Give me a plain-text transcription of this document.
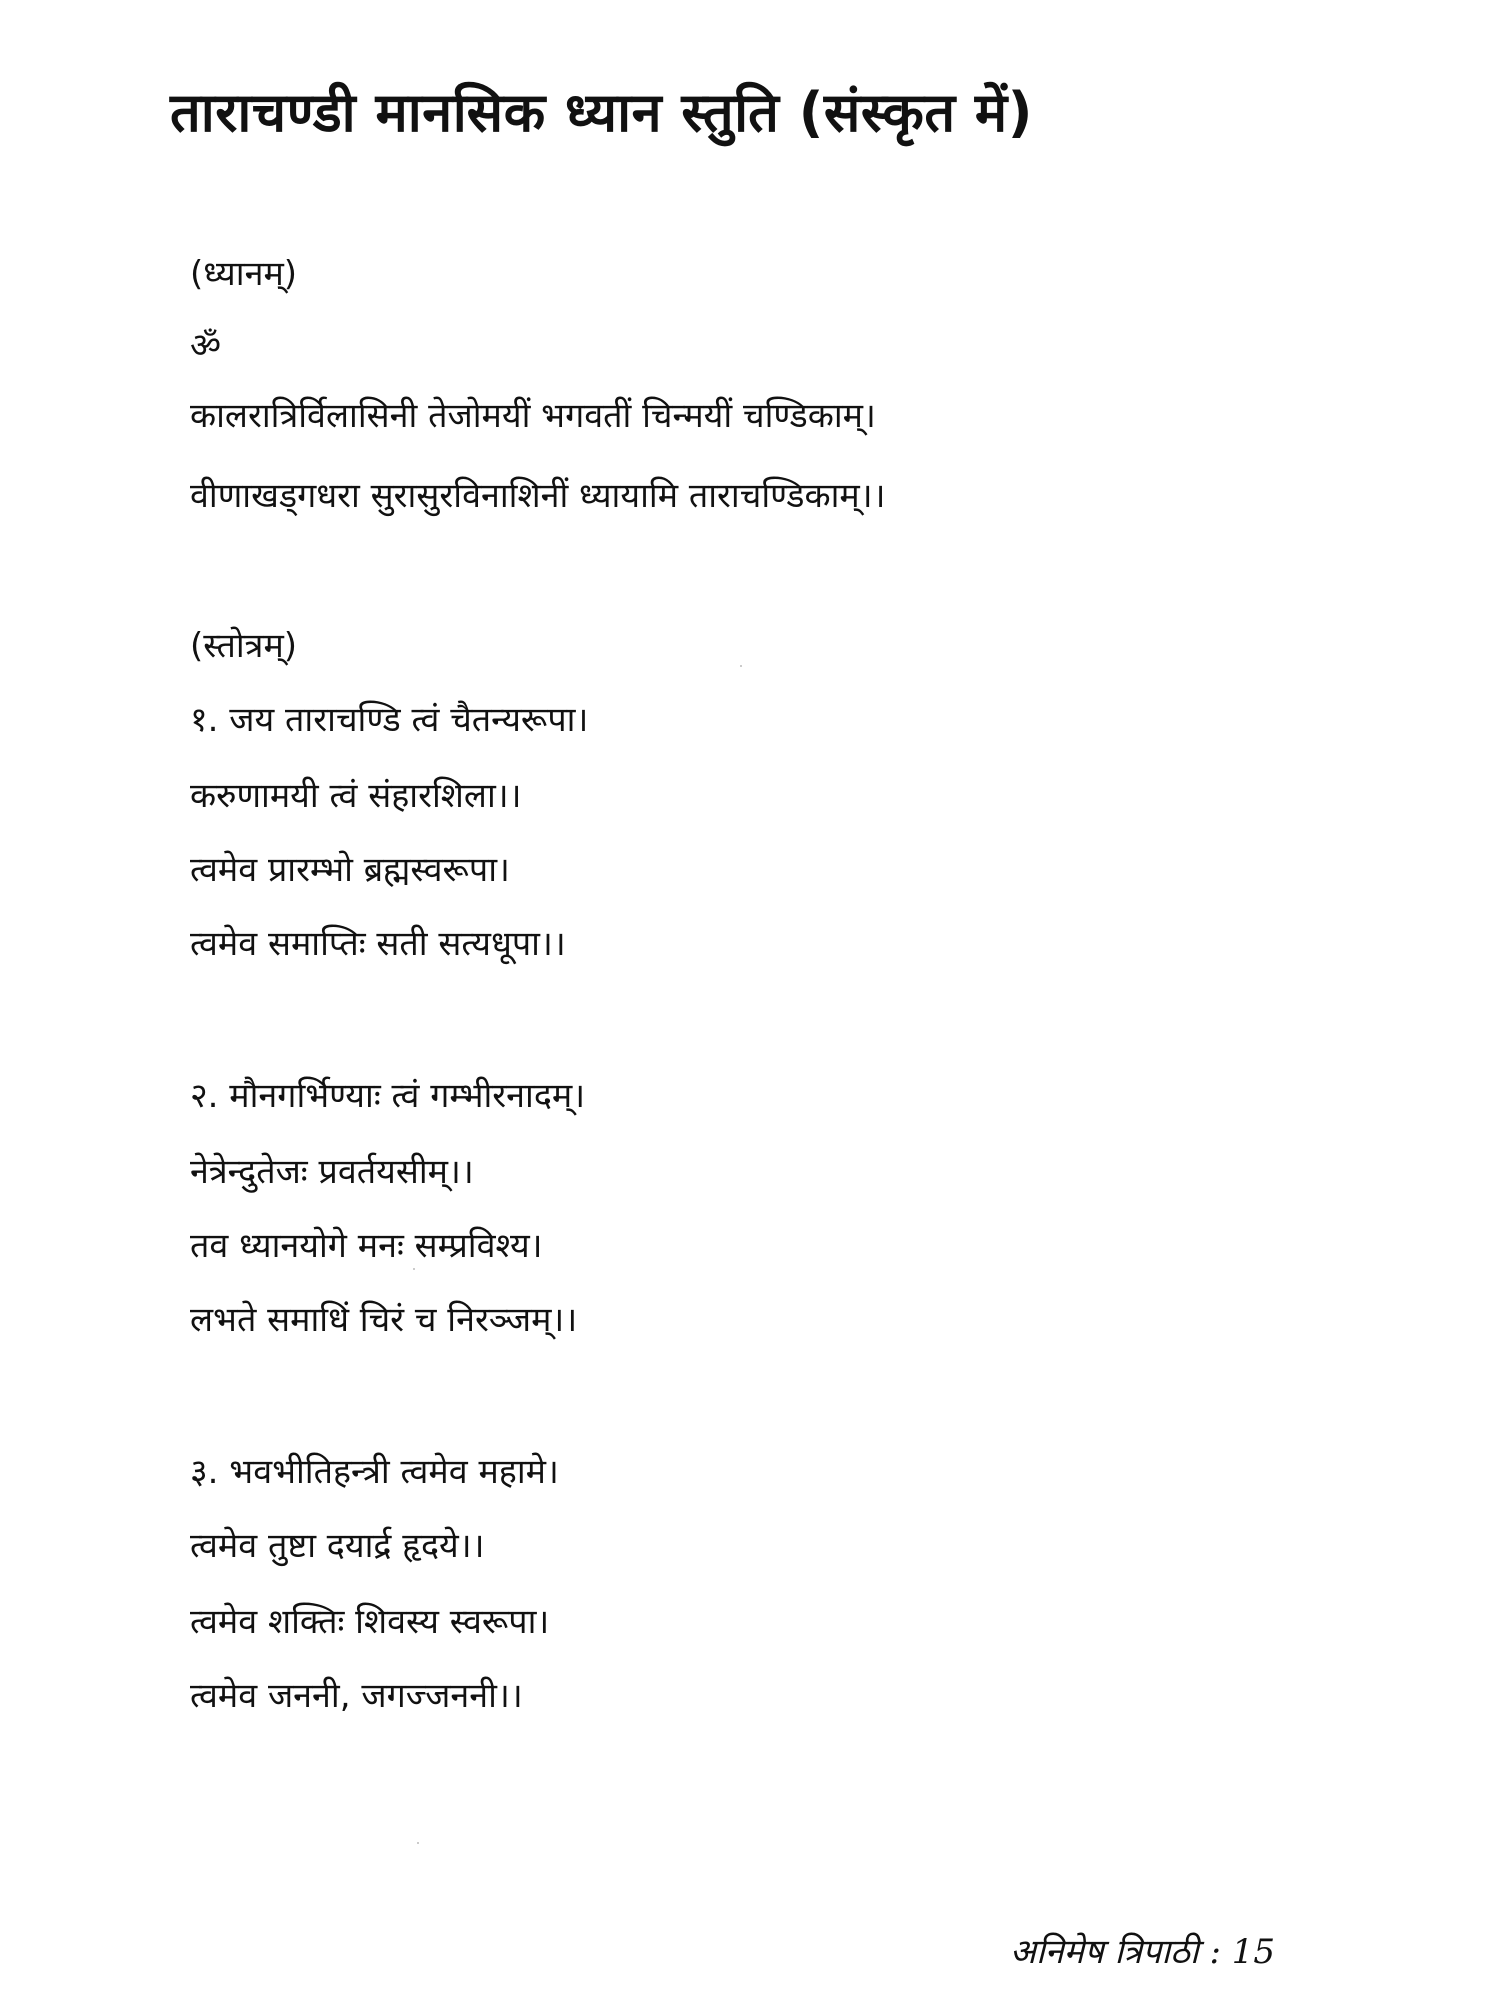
ताराचण्डी मानसिक ध्यान स्तुति (संस्कृत में)
(ध्यानम्)
ॐ
कालरात्रिर्विलासिनी तेजोमयीं भगवतीं चिन्मयीं चण्डिकाम्।
वीणाखड्गधरा सुरासुरविनाशिनीं ध्यायामि ताराचण्डिकाम्।।
(स्तोत्रम्)
१. जय ताराचण्डि त्वं चैतन्यरूपा।
करुणामयी त्वं संहारशिला।।
त्वमेव प्रारम्भो ब्रह्मस्वरूपा।
त्वमेव समाप्तिः सती सत्यधूपा।।
२. मौनगर्भिण्याः त्वं गम्भीरनादम्।
नेत्रेन्दुतेजः प्रवर्तयसीम्।।
तव ध्यानयोगे मनः सम्प्रविश्य।
लभते समाधिं चिरं च निरञ्जम्।।
३. भवभीतिहन्त्री त्वमेव महामे।
त्वमेव तुष्टा दयार्द्र हृदये।।
त्वमेव शक्तिः शिवस्य स्वरूपा।
त्वमेव जननी, जगज्जननी।।
अनिमेष त्रिपाठी : 15
